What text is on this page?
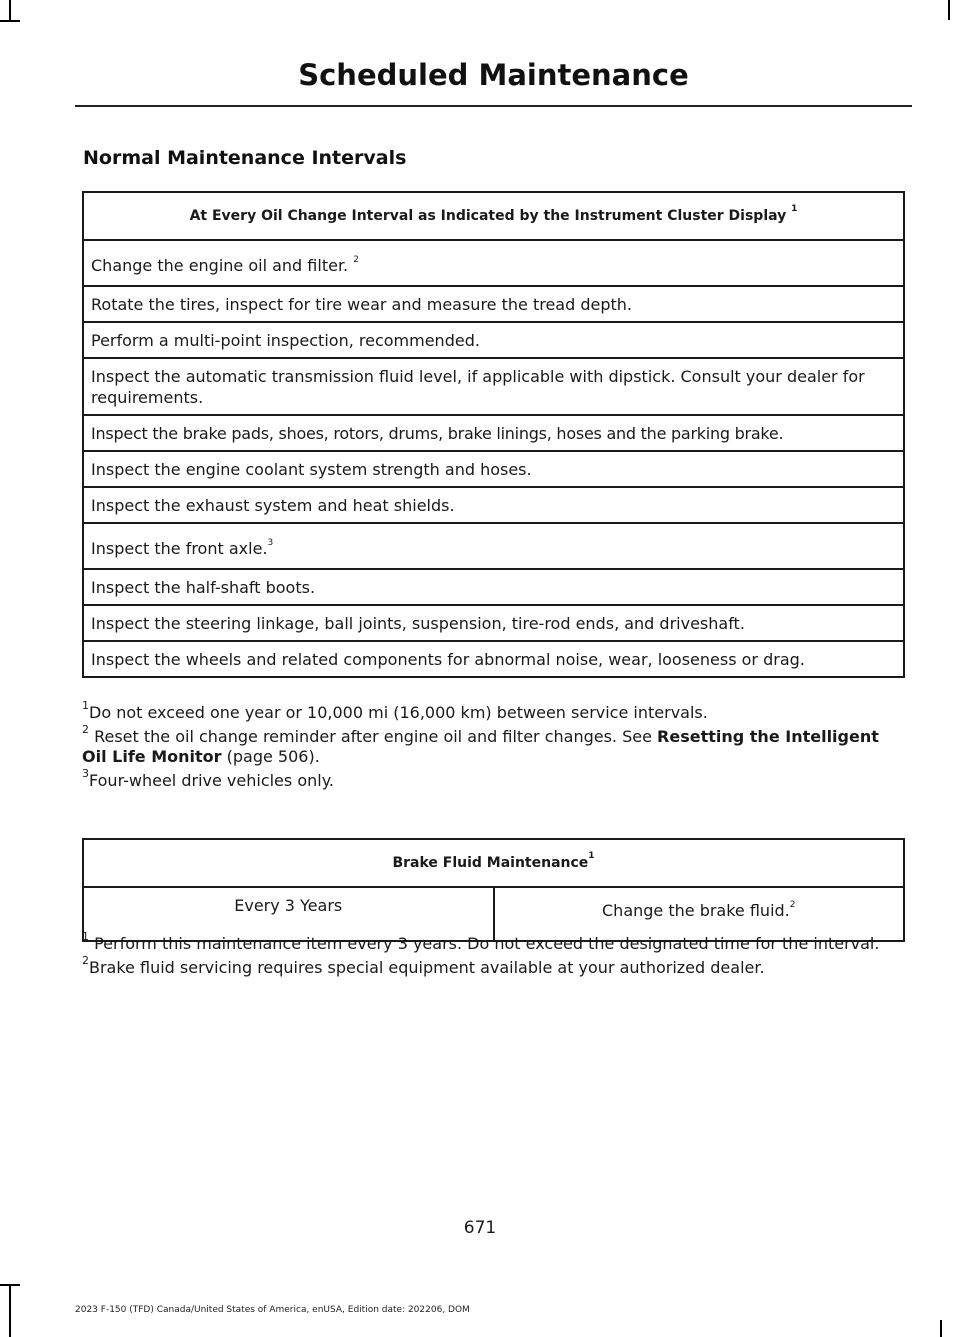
Scheduled Maintenance
Normal Maintenance Intervals
At Every Oil Change Interval as Indicated by the Instrument Cluster Display $^1$
Change the engine oil and filter. $^2$
Rotate the tires, inspect for tire wear and measure the tread depth.
Perform a multi-point inspection, recommended.
Inspect the automatic transmission fluid level, if applicable with dipstick. Consult your dealer for requirements.
Inspect the brake pads, shoes, rotors, drums, brake linings, hoses and the parking brake.
Inspect the engine coolant system strength and hoses.
Inspect the exhaust system and heat shields.
Inspect the front axle.$^3$
Inspect the half-shaft boots.
Inspect the steering linkage, ball joints, suspension, tire-rod ends, and driveshaft.
Inspect the wheels and related components for abnormal noise, wear, looseness or drag.

$^1$Do not exceed one year or 10,000 mi (16,000 km) between service intervals.

$^2$ Reset the oil change reminder after engine oil and filter changes. See Resetting the Intelligent Oil Life Monitor (page 506).

$^3$Four-wheel drive vehicles only.

Brake Fluid Maintenance$^1$
Every 3 Years	Change the brake fluid.$^2$

$^1$ Perform this maintenance item every 3 years. Do not exceed the designated time for the interval.

$^2$Brake fluid servicing requires special equipment available at your authorized dealer.

671
2023 F-150 (TFD) Canada/United States of America, enUSA, Edition date: 202206, DOM
